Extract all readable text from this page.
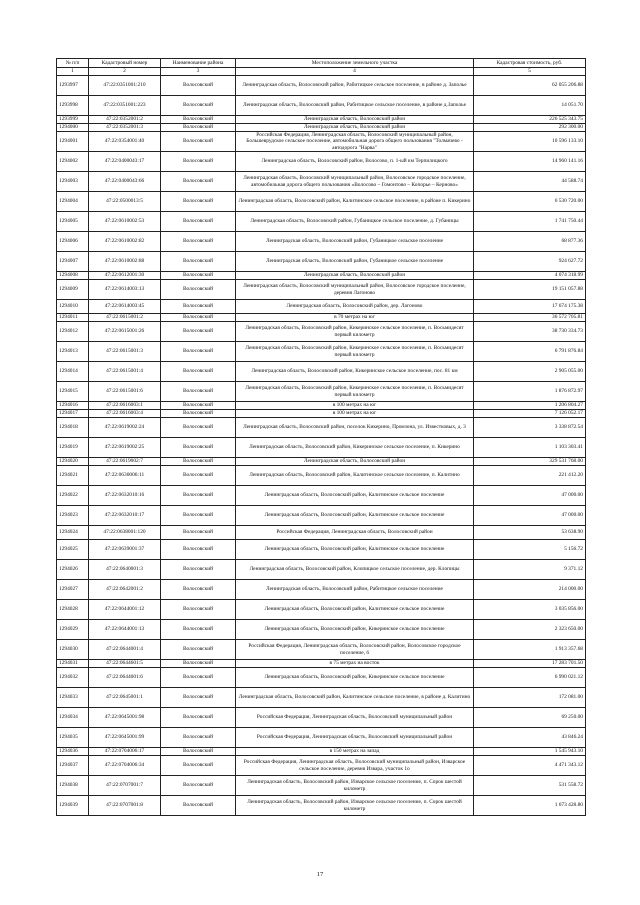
№ п/п	Кадастровый номер	Наименование района	Местоположение земельного участка	Кадастровая стоимость, руб.
1	2	3	4	5
1293997	47:22:0351001:210	Волосовский	Ленинградская область, Волосовский район, Рабитицкое сельское поселение, в районе д. Заполье	62 055 206.88
1293998	47:22:0351001:223	Волосовский	Ленинградская область, Волосовский район, Рабитицкое сельское поселение, в районе д.Заполье	14 051.70
1293999	47:22:0352001:2	Волосовский	Ленинградская область, Волосовский район	226 525 343.75
1294000	47:22:0352001:3	Волосовский	Ленинградская область, Волосовский район	292 300.00
1294001	47:22:0354001:40	Волосовский	Российская Федерация, Ленинградская область, Волосовский муниципальный район, Большеврудское сельское поселение, автомобильная дорога общего пользования "Толмачево - автодорога "Нарва"	10 596 133.10
1294002	47:22:0400043:17	Волосовский	Ленинградская область, Волосовский район, Волосово, п. 1-ый км Терпилицкого	14 960 141.16
1294003	47:22:0400043:66	Волосовский	Ленинградская область, Волосовский муниципальный район, Волосовское городское поселение, автомобильная дорога общего пользования «Волосово – Гомонтово – Копорье – Керново»	44 588.74
1294004	47:22:0500013:5	Волосовский	Ленинградская область, Волосовский район, Калитинское сельское поселение, в районе п. Кикерино	6 530 720.00
1294005	47:22:0610002:53	Волосовский	Ленинградская область, Волосовский район, Губаницкое сельское поселение, д. Губаницы	1 741 750.44
1294006	47:22:0610002:82	Волосовский	Ленинградская область, Волосовский район, Губаницкое сельское поселение	68 877.36
1294007	47:22:0610002:88	Волосовский	Ленинградская область, Волосовский район, Губаницкое сельское поселение	924 627.72
1294008	47:22:0612001:30	Волосовский	Ленинградская область, Волосовский район	4 074 318.99
1294009	47:22:0614003:13	Волосовский	Ленинградская область, Волосовский муниципальный район, Волосовское городское поселение, деревня Лагоново	19 151 057.88
1294010	47:22:0614003:45	Волосовский	Ленинградская область, Волосовский район, дер. Лагоново	17 674 175.38
1294011	47:22:0615001:2	Волосовский	в 70 метрах на юг	36 572 705.81
1294012	47:22:0615001:26	Волосовский	Ленинградская область, Волосовский район, Кикеринское сельское поселение, п. Восьмидесят первый километр	38 730 334.73
1294013	47:22:0615001:3	Волосовский	Ленинградская область, Волосовский район, Кикеринское сельское поселение, п. Восьмидесят первый километр	6 791 876.84
1294014	47:22:0615001:4	Волосовский	Ленинградская область, Волосовский район, Кикеринское сельское поселение, пос. 81 км	2 905 055.00
1294015	47:22:0615001:6	Волосовский	Ленинградская область, Волосовский район, Кикеринское сельское поселение, п. Восьмидесят первый километр	1 876 872.97
1294016	47:22:0616003:1	Волосовский	в 100 метрах на юг	1 206 804.27
1294017	47:22:0616003:4	Волосовский	в 100 метрах на юг	7 126 052.17
1294018	47:22:0619002:24	Волосовский	Ленинградская область, Волосовский район, поселок Кикерино, Промзона, ул. Известковых, д. 3	3 338 872.54
1294019	47:22:0619002:25	Волосовский	Ленинградская область, Волосовский район, Кикеринское сельское поселение, п. Кикерино	1 103 303.41
1294020	47:22:0619002:7	Волосовский	Ленинградская область, Волосовский район	329 531 768.00
1294021	47:22:0630006:11	Волосовский	Ленинградская область, Волосовский район, Калитинское сельское поселение, п. Калитино	221 412.20
1294022	47:22:0632010:16	Волосовский	Ленинградская область, Волосовский район, Калитинское сельское поселение	47 000.00
1294023	47:22:0632010:17	Волосовский	Ленинградская область, Волосовский район, Калитинское сельское поселение	47 000.00
1294024	47:22:0638001:120	Волосовский	Российская Федерация, Ленинградская область, Волосовский район	53 638.90
1294025	47:22:0639001:37	Волосовский	Ленинградская область, Волосовский район, Калитинское сельское поселение	5 156.72
1294026	47:22:0640001:3	Волосовский	Ленинградская область, Волосовский район, Клопицкое сельское поселение, дер. Клопицы	9 371.12
1294027	47:22:0642001:2	Волосовский	Ленинградская область, Волосовский район, Рабитицкое сельское поселение	214 000.00
1294028	47:22:0644001:12	Волосовский	Ленинградская область, Волосовский район, Калитинское сельское поселение	3 035 856.00
1294029	47:22:0644001:13	Волосовский	Ленинградская область, Волосовский район, Кикеринское сельское поселение	2 323 650.00
1294030	47:22:0644001:4	Волосовский	Российская Федерация, Ленинградская область, Волосовский район, Волосовское городское поселение, 6	1 913 357.68
1294031	47:22:0644601:5	Волосовский	в 75 метрах на восток	17 283 701.50
1294032	47:22:0644001:6	Волосовский	Ленинградская область, Волосовский район, Кикеринское сельское поселение	6 990 021.12
1294033	47:22:0645001:1	Волосовский	Ленинградская область, Волосовский район, Калитинское сельское поселение, в районе д. Калитино	172 081.00
1294034	47:22:0645001:98	Волосовский	Российская Федерация, Ленинградская область, Волосовский муниципальный район	69 250.00
1294035	47:22:0645001:99	Волосовский	Российская Федерация, Ленинградская область, Волосовский муниципальный район	43 846.24
1294036	47:22:0704006:17	Волосовский	в 150 метрах на запад	1 545 943.10
1294037	47:22:0704006:34	Волосовский	Российская Федерация, Ленинградская область, Волосовский муниципальный район, Изварское сельское поселение, деревня Извара, участок 1о	4 471 343.12
1294038	47:22:0707001:7	Волосовский	Ленинградская область, Волосовский район, Изварское сельское поселение, п. Сорок шестой километр	531 558.72
1294039	47:22:0707001:8	Волосовский	Ленинградская область, Волосовский район, Изварское сельское поселение, п. Сорок шестой километр	1 673 428.80
17
